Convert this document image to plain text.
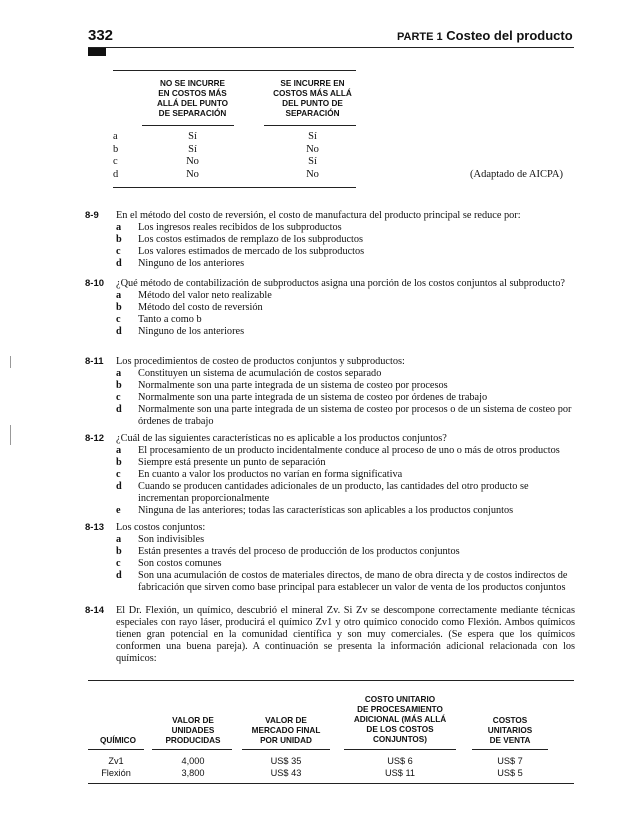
332	PARTE 1 Costeo del producto
NO SE INCURRE
EN COSTOS MÁS
ALLÁ DEL PUNTO
DE SEPARACIÓN
SE INCURRE EN
COSTOS MÁS ALLÁ
DEL PUNTO DE
SEPARACIÓN
a	Sí	Sí
b	Sí	No
c	No	Sí
d	No	No	(Adaptado de AICPA)
8-9 En el método del costo de reversión, el costo de manufactura del producto principal se reduce por:
a Los ingresos reales recibidos de los subproductos
b Los costos estimados de remplazo de los subproductos
c Los valores estimados de mercado de los subproductos
d Ninguno de los anteriores
8-10 ¿Qué método de contabilización de subproductos asigna una porción de los costos conjuntos al subproducto?
a Método del valor neto realizable
b Método del costo de reversión
c Tanto a como b
d Ninguno de los anteriores
8-11 Los procedimientos de costeo de productos conjuntos y subproductos:
a Constituyen un sistema de acumulación de costos separado
b Normalmente son una parte integrada de un sistema de costeo por procesos
c Normalmente son una parte integrada de un sistema de costeo por órdenes de trabajo
d Normalmente son una parte integrada de un sistema de costeo por procesos o de un sistema de costeo por órdenes de trabajo
8-12 ¿Cuál de las siguientes características no es aplicable a los productos conjuntos?
a El procesamiento de un producto incidentalmente conduce al proceso de uno o más de otros productos
b Siempre está presente un punto de separación
c En cuanto a valor los productos no varían en forma significativa
d Cuando se producen cantidades adicionales de un producto, las cantidades del otro producto se incrementan proporcionalmente
e Ninguna de las anteriores; todas las características son aplicables a los productos conjuntos
8-13 Los costos conjuntos:
a Son indivisibles
b Están presentes a través del proceso de producción de los productos conjuntos
c Son costos comunes
d Son una acumulación de costos de materiales directos, de mano de obra directa y de costos indirectos de fabricación que sirven como base principal para establecer un valor de venta de los productos conjuntos
8-14 El Dr. Flexión, un químico, descubrió el mineral Zv. Si Zv se descompone correctamente mediante técnicas especiales con rayo láser, producirá el químico Zv1 y otro químico conocido como Flexión. Ambos químicos tienen gran potencial en la comunidad científica y son muy comerciales. (Se espera que los químicos conformen una buena pareja). A continuación se presenta la información adicional relacionada con los químicos:
QUÍMICO
VALOR DE
UNIDADES
PRODUCIDAS
VALOR DE
MERCADO FINAL
POR UNIDAD
COSTO UNITARIO
DE PROCESAMIENTO
ADICIONAL (MÁS ALLÁ
DE LOS COSTOS
CONJUNTOS)
COSTOS
UNITARIOS
DE VENTA
Zv1	4,000	US$ 35	US$ 6	US$ 7
Flexión	3,800	US$ 43	US$ 11	US$ 5
